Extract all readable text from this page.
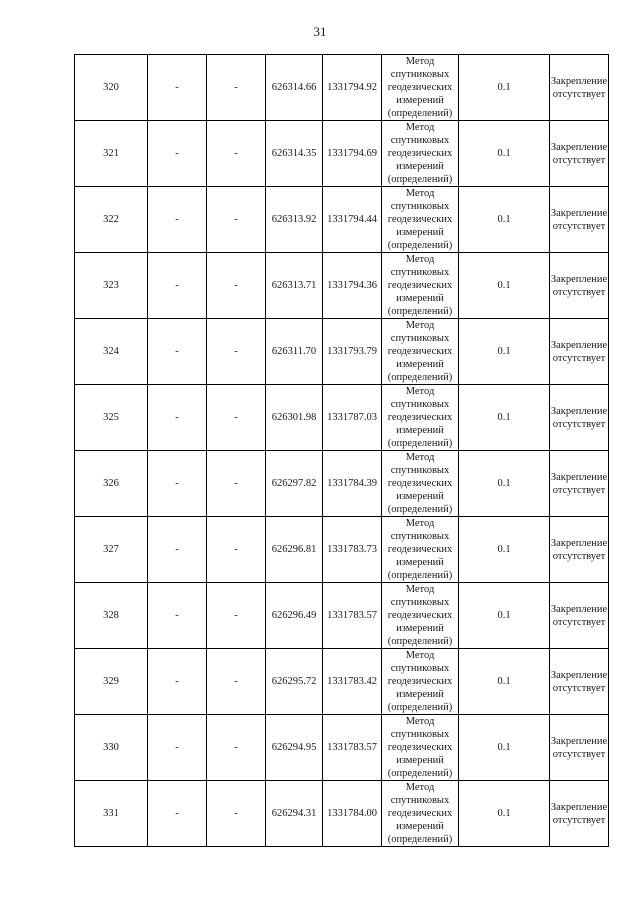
31
320	-	-	626314.66	1331794.92	Метод спутниковых геодезических измерений (определений)	0.1	Закрепление отсутствует
321	-	-	626314.35	1331794.69	Метод спутниковых геодезических измерений (определений)	0.1	Закрепление отсутствует
322	-	-	626313.92	1331794.44	Метод спутниковых геодезических измерений (определений)	0.1	Закрепление отсутствует
323	-	-	626313.71	1331794.36	Метод спутниковых геодезических измерений (определений)	0.1	Закрепление отсутствует
324	-	-	626311.70	1331793.79	Метод спутниковых геодезических измерений (определений)	0.1	Закрепление отсутствует
325	-	-	626301.98	1331787.03	Метод спутниковых геодезических измерений (определений)	0.1	Закрепление отсутствует
326	-	-	626297.82	1331784.39	Метод спутниковых геодезических измерений (определений)	0.1	Закрепление отсутствует
327	-	-	626296.81	1331783.73	Метод спутниковых геодезических измерений (определений)	0.1	Закрепление отсутствует
328	-	-	626296.49	1331783.57	Метод спутниковых геодезических измерений (определений)	0.1	Закрепление отсутствует
329	-	-	626295.72	1331783.42	Метод спутниковых геодезических измерений (определений)	0.1	Закрепление отсутствует
330	-	-	626294.95	1331783.57	Метод спутниковых геодезических измерений (определений)	0.1	Закрепление отсутствует
331	-	-	626294.31	1331784.00	Метод спутниковых геодезических измерений (определений)	0.1	Закрепление отсутствует
